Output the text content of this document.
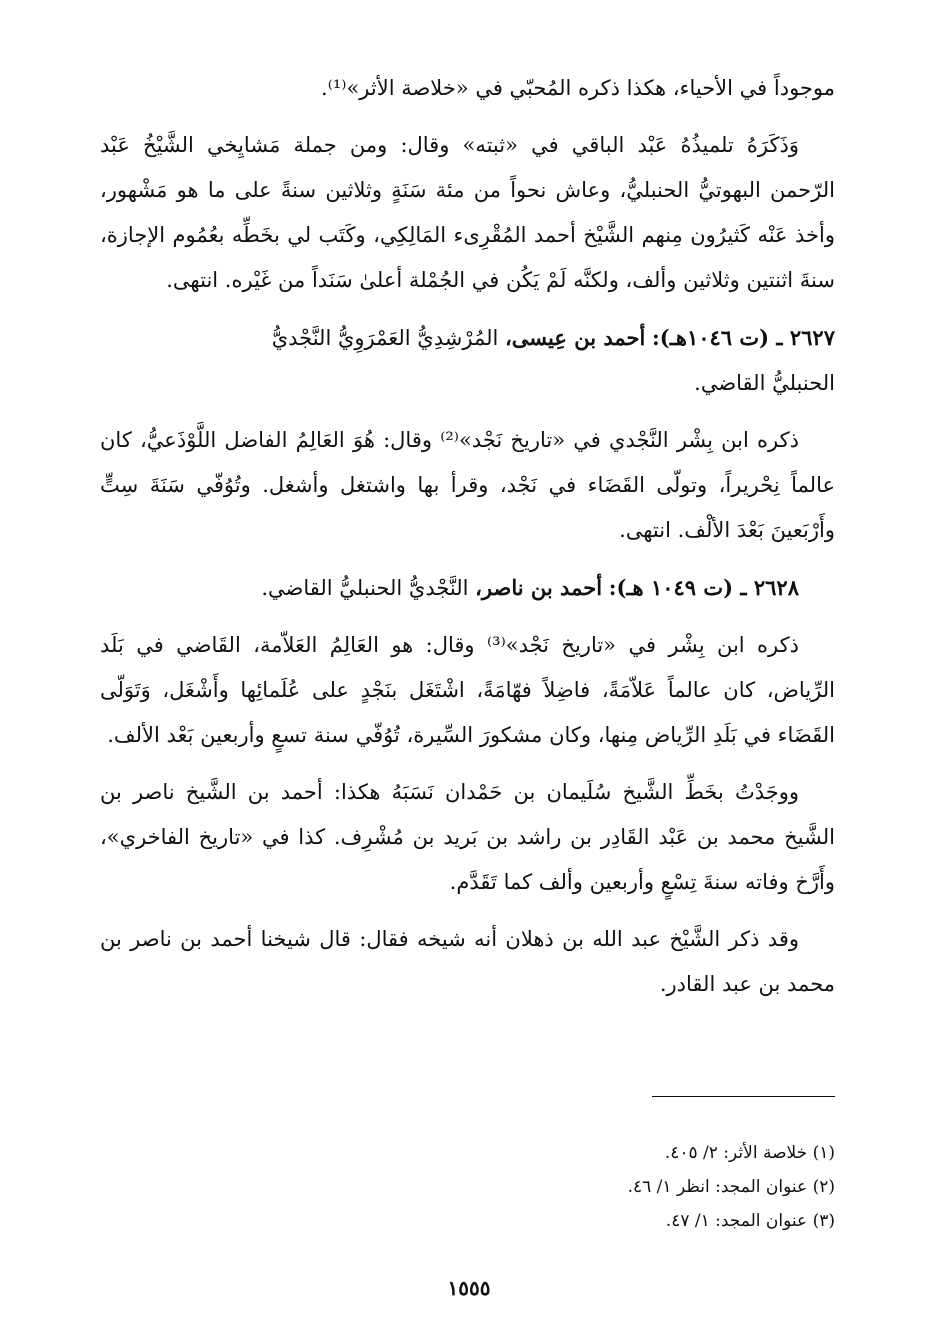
موجوداً في الأحياء، هكذا ذكره المُحبّي في «خلاصة الأثر»⁽¹⁾.

وَذَكَرَهُ تلميذُهُ عَبْد الباقي في «ثبته» وقال: ومن جملة مَشايِخي الشَّيْخُ عَبْد الرّحمن البهوتيُّ الحنبليُّ، وعاش نحواً من مئة سَنَةٍ وثلاثين سنةً على ما هو مَشْهور، وأخذ عَنْه كَثيرُون مِنهم الشَّيْخ أحمد المُقْرِىء المَالِكِي، وكَتَب لي بخَطِّه بعُمُوم الإجازة، سنةَ اثنتين وثلاثين وألف، ولكنَّه لَمْ يَكُن في الجُمْلة أعلىٰ سَنَداً من غَيْره. انتهى.

٢٦٢٧ ـ (ت ١٠٤٦هـ): أحمد بن عِيسى، المُرْشِدِيُّ العَمْرَوِيُّ النَّجْديُّ
الحنبليُّ القاضي.

ذكره ابن بِشْر النَّجْدي في «تاريخ نَجْد»⁽²⁾ وقال: هُوَ العَالِمُ الفاضل اللَّوْذَعيُّ، كان عالماً نِحْريراً، وتولّى القَضَاء في نَجْد، وقرأ بها واشتغل وأشغل. وتُوُفّي سَنَةَ سِتٍّ وأَرْبَعينَ بَعْدَ الألْف. انتهى.

٢٦٢٨ ـ (ت ١٠٤٩ هـ): أحمد بن ناصر، النَّجْديُّ الحنبليُّ القاضي.

ذكره ابن بِشْر في «تاريخ نَجْد»⁽³⁾ وقال: هو العَالِمُ العَلاّمة، القَاضي في بَلَد الرِّياض، كان عالماً عَلاّمَةً، فاضِلاً فهّامَةً، اشْتَغَل بنَجْدٍ على عُلَمائِها وأَشْغَل، وَتَوَلّى القَضَاء في بَلَدِ الرِّياض مِنها، وكان مشكورَ السِّيرة، تُوُفّي سنة تسعٍ وأربعين بَعْد الألف.

ووجَدْتُ بخَطِّ الشَّيخ سُلَيمان بن حَمْدان نَسَبَهُ هكذا: أحمد بن الشَّيخ ناصر بن الشَّيخ محمد بن عَبْد القَادِر بن راشد بن بَريد بن مُشْرِف. كذا في «تاريخ الفاخري»، وأَرَّخ وفاته سنةَ تِسْعٍ وأربعين وألف كما تَقَدَّم.

وقد ذكر الشَّيْخ عبد الله بن ذهلان أنه شيخه فقال: قال شيخنا أحمد بن ناصر بن محمد بن عبد القادر.

(١) خلاصة الأثر: ٢/ ٤٠٥.

(٢) عنوان المجد: انظر ١/ ٤٦.

(٣) عنوان المجد: ١/ ٤٧.

١٥٥٥
